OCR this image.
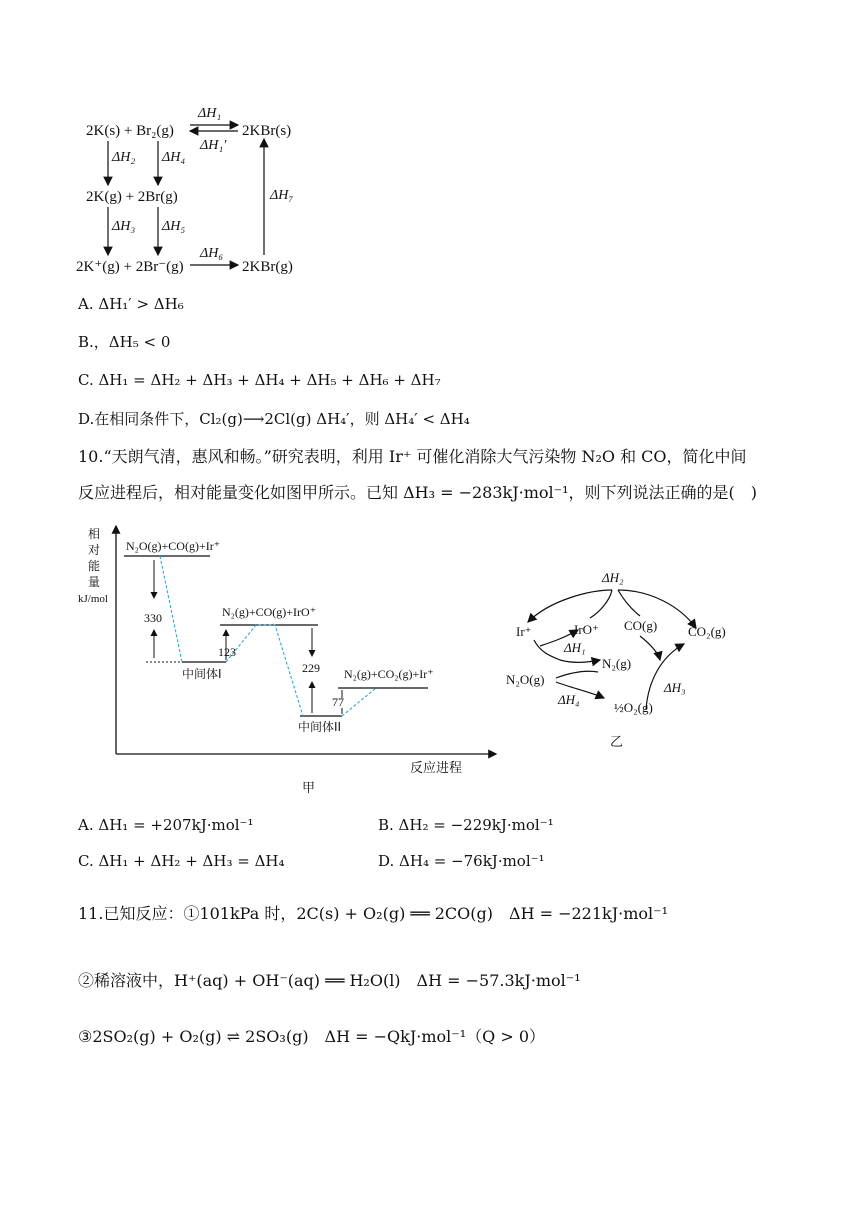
2K(s) + Br₂(g)	2KBr(s)
2K(g) + 2Br(g)
2K⁺(g) + 2Br⁻(g)	2KBr(g)
ΔH₁
ΔH₁′
ΔH₂ ΔH₄
ΔH₃ ΔH₅
ΔH₆
ΔH₇
A. ΔH₁′ > ΔH₆
B.，ΔH₅ < 0
C. ΔH₁ = ΔH₂ + ΔH₃ + ΔH₄ + ΔH₅ + ΔH₆ + ΔH₇
D.在相同条件下，Cl₂(g)⟶2Cl(g) ΔH₄′，则 ΔH₄′ < ΔH₄
10.“天朗气清，惠风和畅。”研究表明，利用 Ir⁺ 可催化消除大气污染物 N₂O 和 CO，简化中间
反应进程后，相对能量变化如图甲所示。已知 ΔH₃ = −283kJ·mol⁻¹，则下列说法正确的是(　)
相
对
能
量
kJ/mol
反应进程
甲
N₂O(g)+CO(g)+Ir⁺
中间体I
N₂(g)+CO(g)+IrO⁺
中间体II
N₂(g)+CO₂(g)+Ir⁺
330
123
229
77
ΔH₂
Ir⁺	IrO⁺ CO(g) CO₂(g)
ΔH₁
N₂(g)
ΔH₃
N₂O(g)
ΔH₄
½O₂(g)
乙
A. ΔH₁ = +207kJ·mol⁻¹	B. ΔH₂ = −229kJ·mol⁻¹
C. ΔH₁ + ΔH₂ + ΔH₃ = ΔH₄	D. ΔH₄ = −76kJ·mol⁻¹
11.已知反应：①101kPa 时，2C(s) + O₂(g) ══ 2CO(g)　ΔH = −221kJ·mol⁻¹
②稀溶液中，H⁺(aq) + OH⁻(aq) ══ H₂O(l)　ΔH = −57.3kJ·mol⁻¹
③2SO₂(g) + O₂(g) ⇌ 2SO₃(g)　ΔH = −QkJ·mol⁻¹（Q > 0）
